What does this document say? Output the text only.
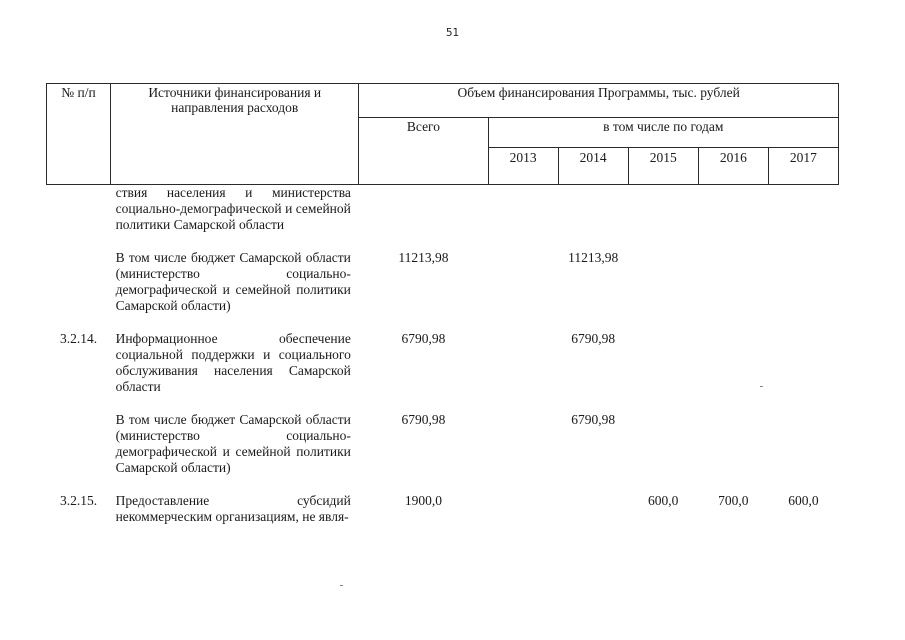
51
№ п/п	Источники финансирования и направления расходов	Объем финансирования Программы, тыс. рублей					
		Всего	в том числе по годам				
			2013	2014	2015	2016	2017
	ствия населения и министерства социально-демографической и семейной политики Самарской области						

	В том числе бюджет Самарской области (министерство социально-демографической и семейной политики Самарской области)	11213,98		11213,98			

3.2.14.	Информационное обеспечение социальной поддержки и социального обслуживания населения Самарской области	6790,98		6790,98			

	В том числе бюджет Самарской области (министерство социально-демографической и семейной политики Самарской области)	6790,98		6790,98			

3.2.15.	Предоставление субсидий некоммерческим организациям, не явля-	1900,0			600,0	700,0	600,0
